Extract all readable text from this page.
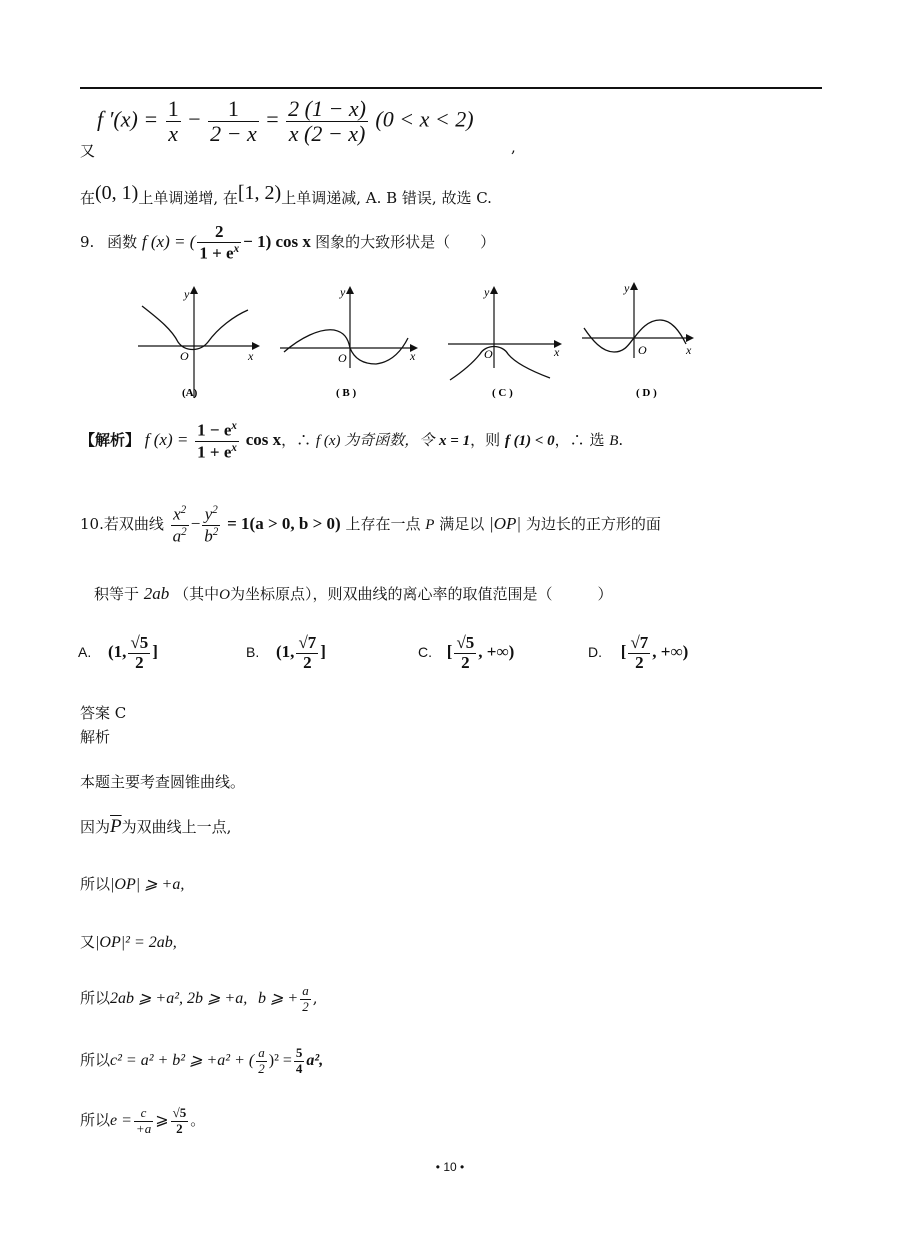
又
f $'(x) = \frac{1}{x} - \frac{1}{2 - x} = \frac{2 (1 - x)}{x (2 - x)} (0 < x < 2)$
,
在(0, 1)上单调递增, 在[1, 2)上单调递减, A. B 错误, 故选 C.
9. 函数 f (x) = ( $\frac{2}{1 + e^x} - 1$) cos x 图象的大致形状是（　　）
y
O	x
(A)
y
O	x
( B )
y
O	x
( C )
y
O	x
( D )
【解析】 f $(x) = \frac{1 - e^x}{1 + e^x}$ cos x，∴ f (x) 为奇函数，令 x = 1，则 f (1) < 0，∴ 选 B.
10.若双曲线 $\frac{x^2}{a^2} - \frac{y^2}{b^2} = 1(a > 0$, b > 0) 上存在一点 P 满足以 |OP| 为边长的正方形的面
积等于 2ab （其中O为坐标原点），则双曲线的离心率的取值范围是（　　　）
A. (1, $\frac{√5}{2}$ ]	B. (1, $\frac{√7}{2}$ ]	C. [ $\frac{√5}{2}$ , +∞)	D. [ $\frac{√7}{2}$ , +∞)
答案 C
解析
本题主要考查圆锥曲线。
因为$\overline{P}$为双曲线上一点,
所以|OP| ⩾ +a,
又|OP|² = 2ab,
所以2ab ⩾ +a², 2b ⩾ +a, b ⩾ + $\frac{a}{2}$ ,
所以c² = a² + b² ⩾ +a² + ( $\frac{a}{2} )^2 = \frac{5}{4} a^2$,
所以$e = \frac{c}{+a}$ ⩾ $\frac{√5}{2}$ 。
• 10 •
